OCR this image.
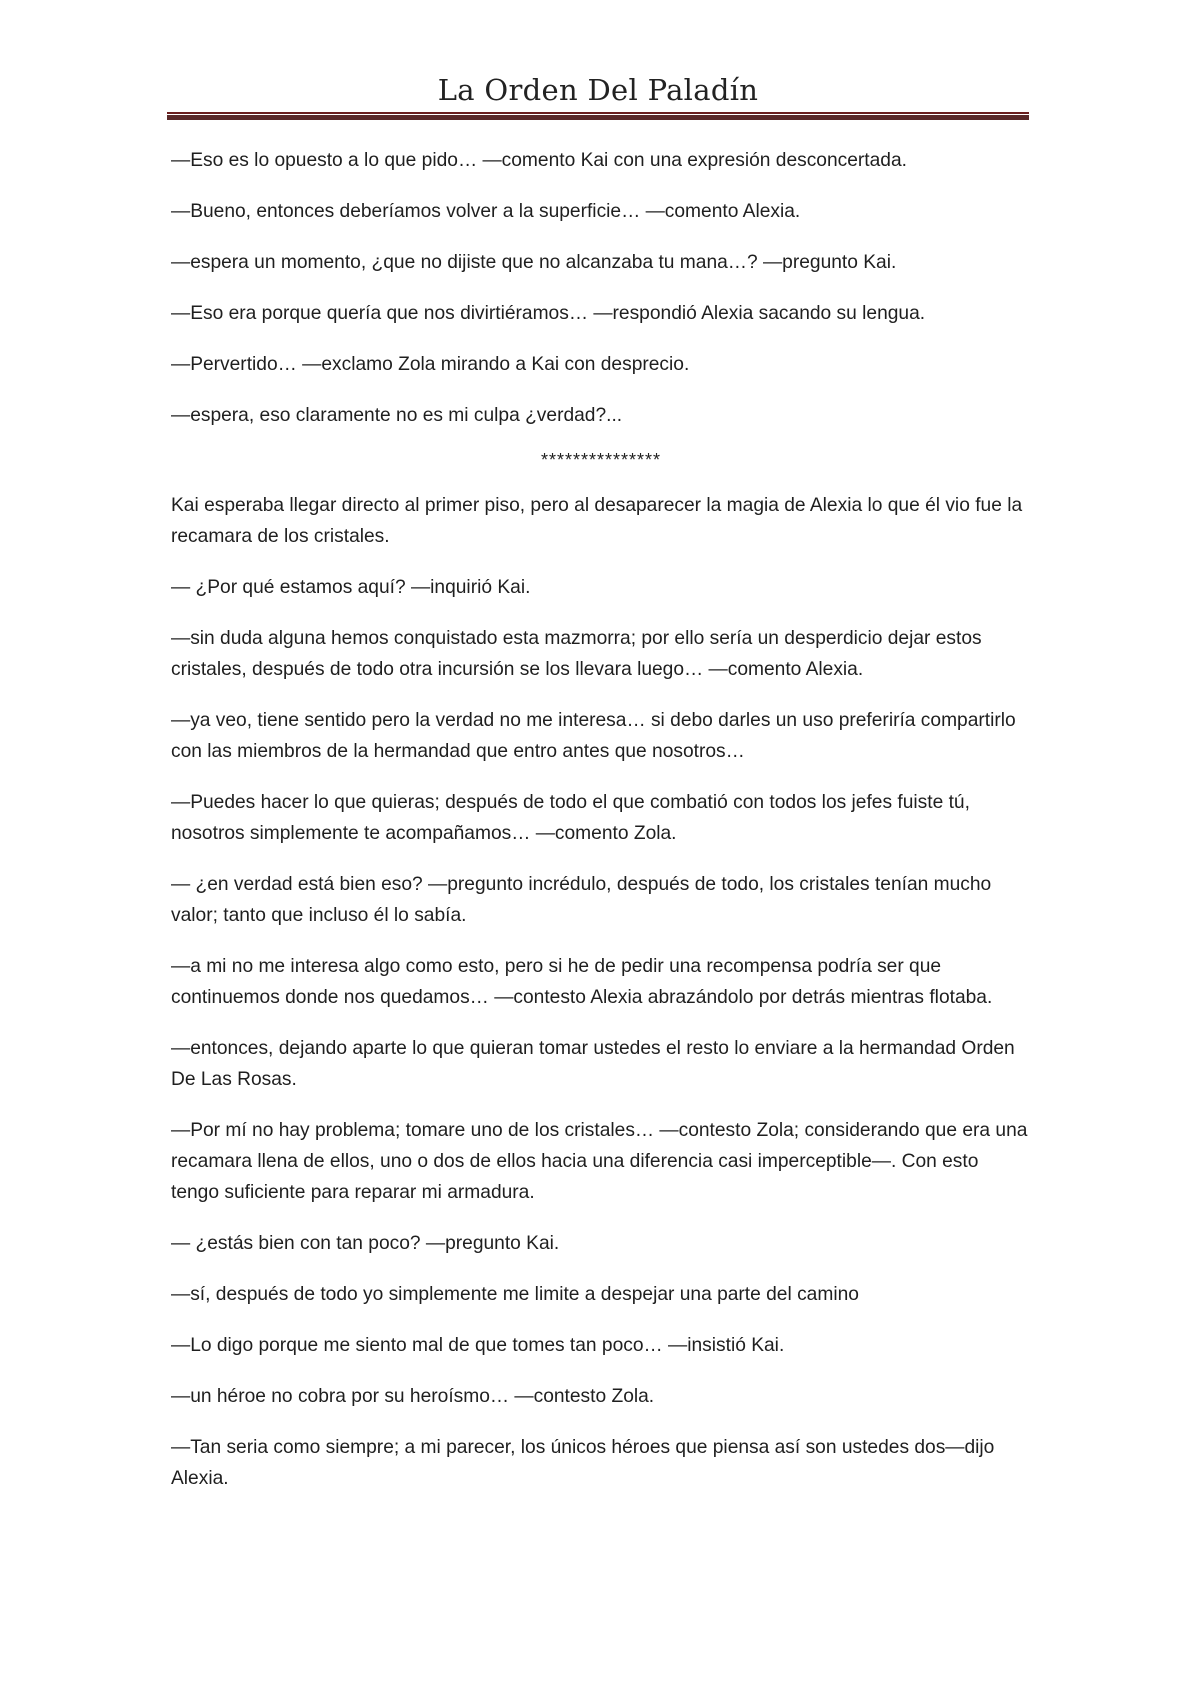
La Orden Del Paladín

—Eso es lo opuesto a lo que pido… —comento Kai con una expresión desconcertada.

—Bueno, entonces deberíamos volver a la superficie… —comento Alexia.

—espera un momento, ¿que no dijiste que no alcanzaba tu mana…? —pregunto Kai.

—Eso era porque quería que nos divirtiéramos… —respondió Alexia sacando su lengua.

—Pervertido… —exclamo Zola mirando a Kai con desprecio.

—espera, eso claramente no es mi culpa ¿verdad?...

***************

Kai esperaba llegar directo al primer piso, pero al desaparecer la magia de Alexia lo que él vio fue la recamara de los cristales.

— ¿Por qué estamos aquí? —inquirió Kai.

—sin duda alguna hemos conquistado esta mazmorra; por ello sería un desperdicio dejar estos cristales, después de todo otra incursión se los llevara luego… —comento Alexia.

—ya veo, tiene sentido pero la verdad no me interesa… si debo darles un uso preferiría compartirlo con las miembros de la hermandad que entro antes que nosotros…

—Puedes hacer lo que quieras; después de todo el que combatió con todos los jefes fuiste tú, nosotros simplemente te acompañamos… —comento Zola.

— ¿en verdad está bien eso? —pregunto incrédulo, después de todo, los cristales tenían mucho valor; tanto que incluso él lo sabía.

—a mi no me interesa algo como esto, pero si he de pedir una recompensa podría ser que continuemos donde nos quedamos… —contesto Alexia abrazándolo por detrás mientras flotaba.

—entonces, dejando aparte lo que quieran tomar ustedes el resto lo enviare a la hermandad Orden De Las Rosas.

—Por mí no hay problema; tomare uno de los cristales… —contesto Zola; considerando que era una recamara llena de ellos, uno o dos de ellos hacia una diferencia casi imperceptible—. Con esto tengo suficiente para reparar mi armadura.

— ¿estás bien con tan poco? —pregunto Kai.

—sí, después de todo yo simplemente me limite a despejar una parte del camino

—Lo digo porque me siento mal de que tomes tan poco… —insistió Kai.

—un héroe no cobra por su heroísmo… —contesto Zola.

—Tan seria como siempre; a mi parecer, los únicos héroes que piensa así son ustedes dos—dijo Alexia.
